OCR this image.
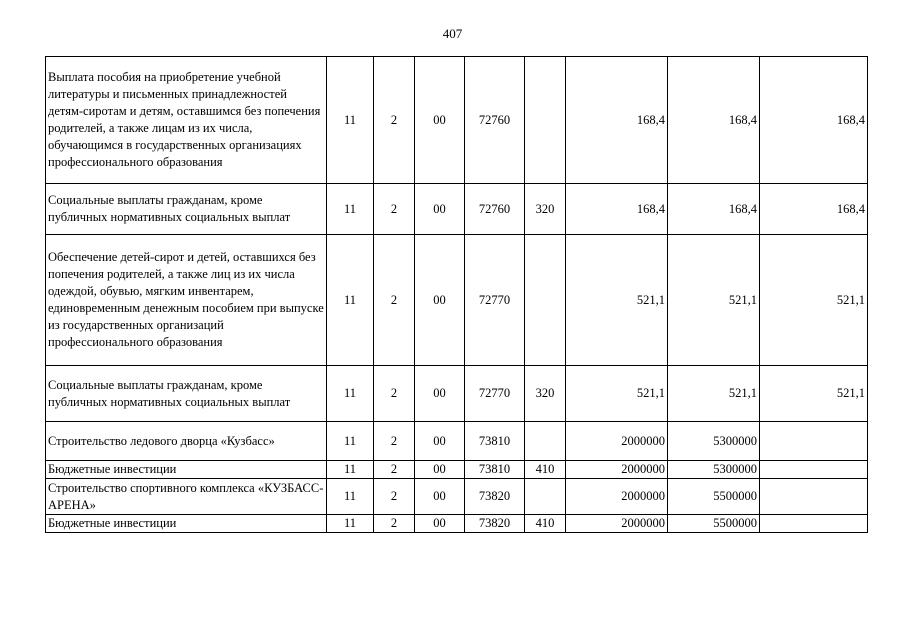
407
Выплата пособия на приобретение учебной литературы и письменных принадлежностей детям-сиротам и детям, оставшимся без попечения родителей, а также лицам из их числа, обучающимся в государственных организациях профессионального образования	11	2	00	72760		168,4	168,4	168,4
Социальные выплаты гражданам, кроме публичных нормативных социальных выплат	11	2	00	72760	320	168,4	168,4	168,4
Обеспечение детей-сирот и детей, оставшихся без попечения родителей, а также лиц из их числа одеждой, обувью, мягким инвентарем, единовременным денежным пособием при выпуске из государственных организаций профессионального образования	11	2	00	72770		521,1	521,1	521,1
Социальные выплаты гражданам, кроме публичных нормативных социальных выплат	11	2	00	72770	320	521,1	521,1	521,1
Строительство ледового дворца «Кузбасс»	11	2	00	73810		2000000	5300000	
Бюджетные инвестиции	11	2	00	73810	410	2000000	5300000	
Строительство спортивного комплекса «КУЗБАСС-АРЕНА»	11	2	00	73820		2000000	5500000	
Бюджетные инвестиции	11	2	00	73820	410	2000000	5500000	
